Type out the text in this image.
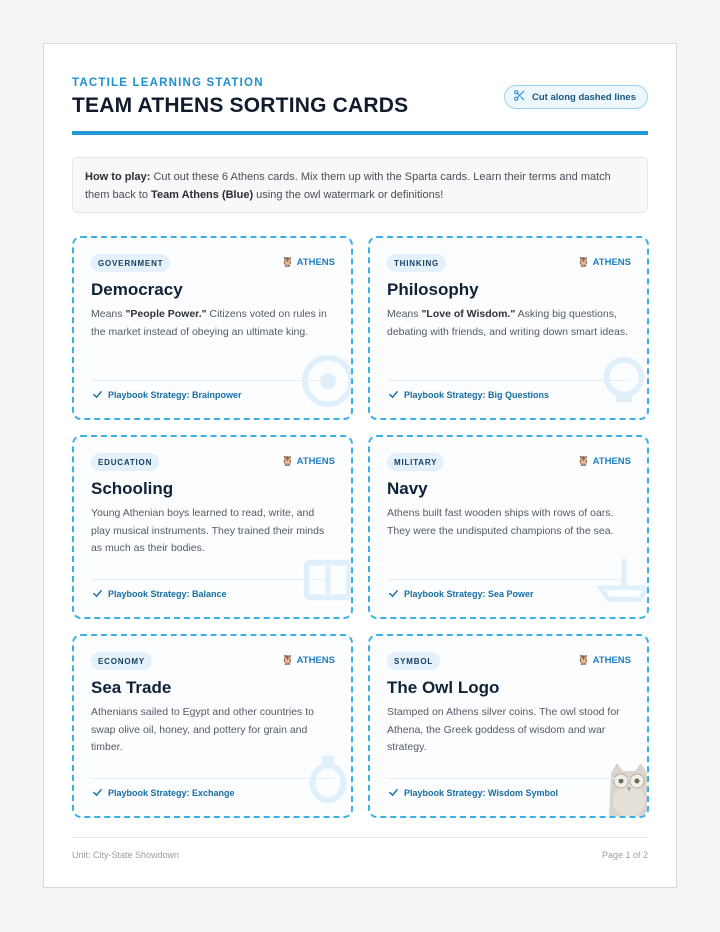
TACTILE LEARNING STATION
TEAM ATHENS SORTING CARDS	Cut along dashed lines
How to play: Cut out these 6 Athens cards. Mix them up with the Sparta cards. Learn their terms and match them back to Team Athens (Blue) using the owl watermark or definitions!
GOVERNMENT	🦉 ATHENS
Democracy
Means "People Power." Citizens voted on rules in the market instead of obeying an ultimate king.
Playbook Strategy: Brainpower
THINKING	🦉 ATHENS
Philosophy
Means "Love of Wisdom." Asking big questions, debating with friends, and writing down smart ideas.
Playbook Strategy: Big Questions
EDUCATION	🦉 ATHENS
Schooling
Young Athenian boys learned to read, write, and play musical instruments. They trained their minds as much as their bodies.
Playbook Strategy: Balance
MILITARY	🦉 ATHENS
Navy
Athens built fast wooden ships with rows of oars. They were the undisputed champions of the sea.
Playbook Strategy: Sea Power
ECONOMY	🦉 ATHENS
Sea Trade
Athenians sailed to Egypt and other countries to swap olive oil, honey, and pottery for grain and timber.
Playbook Strategy: Exchange
SYMBOL	🦉 ATHENS
The Owl Logo
Stamped on Athens silver coins. The owl stood for Athena, the Greek goddess of wisdom and war strategy.
Playbook Strategy: Wisdom Symbol
Unit: City-State Showdown	Page 1 of 2
